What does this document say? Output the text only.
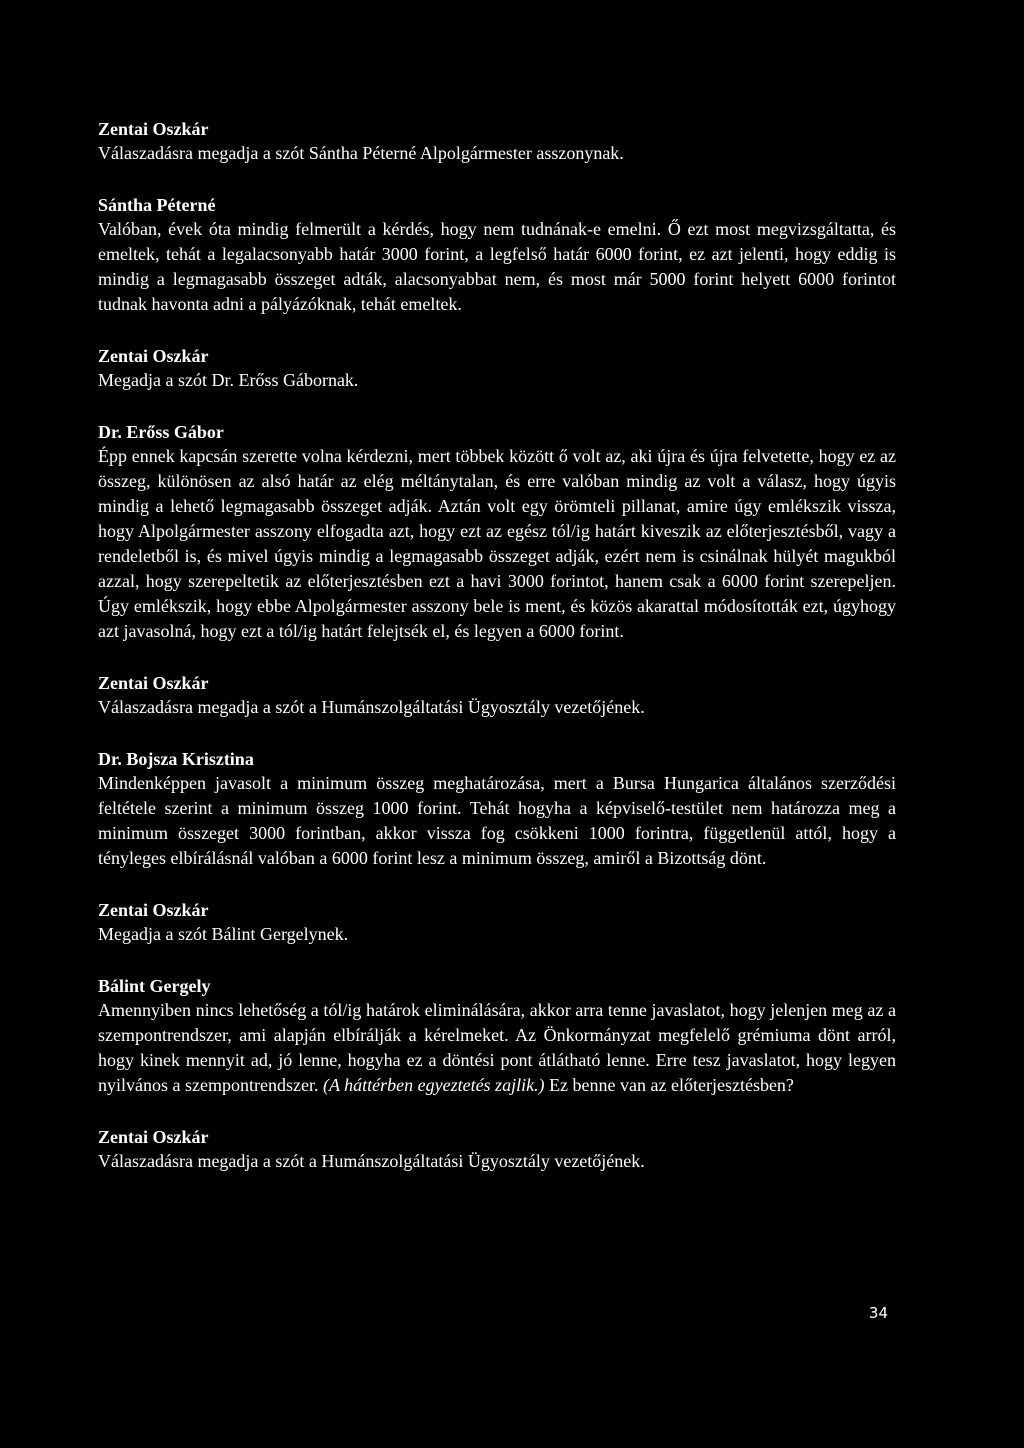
Zentai Oszkár

Válaszadásra megadja a szót Sántha Péterné Alpolgármester asszonynak.

Sántha Péterné

Valóban, évek óta mindig felmerült a kérdés, hogy nem tudnának-e emelni. Ő ezt most megvizsgáltatta, és emeltek, tehát a legalacsonyabb határ 3000 forint, a legfelső határ 6000 forint, ez azt jelenti, hogy eddig is mindig a legmagasabb összeget adták, alacsonyabbat nem, és most már 5000 forint helyett 6000 forintot tudnak havonta adni a pályázóknak, tehát emeltek.

Zentai Oszkár

Megadja a szót Dr. Erőss Gábornak.

Dr. Erőss Gábor

Épp ennek kapcsán szerette volna kérdezni, mert többek között ő volt az, aki újra és újra felvetette, hogy ez az összeg, különösen az alsó határ az elég méltánytalan, és erre valóban mindig az volt a válasz, hogy úgyis mindig a lehető legmagasabb összeget adják. Aztán volt egy örömteli pillanat, amire úgy emlékszik vissza, hogy Alpolgármester asszony elfogadta azt, hogy ezt az egész tól/ig határt kiveszik az előterjesztésből, vagy a rendeletből is, és mivel úgyis mindig a legmagasabb összeget adják, ezért nem is csinálnak hülyét magukból azzal, hogy szerepeltetik az előterjesztésben ezt a havi 3000 forintot, hanem csak a 6000 forint szerepeljen. Úgy emlékszik, hogy ebbe Alpolgármester asszony bele is ment, és közös akarattal módosították ezt, úgyhogy azt javasolná, hogy ezt a tól/ig határt felejtsék el, és legyen a 6000 forint.

Zentai Oszkár

Válaszadásra megadja a szót a Humánszolgáltatási Ügyosztály vezetőjének.

Dr. Bojsza Krisztina

Mindenképpen javasolt a minimum összeg meghatározása, mert a Bursa Hungarica általános szerződési feltétele szerint a minimum összeg 1000 forint. Tehát hogyha a képviselő-testület nem határozza meg a minimum összeget 3000 forintban, akkor vissza fog csökkeni 1000 forintra, függetlenül attól, hogy a tényleges elbírálásnál valóban a 6000 forint lesz a minimum összeg, amiről a Bizottság dönt.

Zentai Oszkár

Megadja a szót Bálint Gergelynek.

Bálint Gergely

Amennyiben nincs lehetőség a tól/ig határok eliminálására, akkor arra tenne javaslatot, hogy jelenjen meg az a szempontrendszer, ami alapján elbírálják a kérelmeket. Az Önkormányzat megfelelő grémiuma dönt arról, hogy kinek mennyit ad, jó lenne, hogyha ez a döntési pont átlátható lenne. Erre tesz javaslatot, hogy legyen nyilvános a szempontrendszer. (A háttérben egyeztetés zajlik.) Ez benne van az előterjesztésben?

Zentai Oszkár

Válaszadásra megadja a szót a Humánszolgáltatási Ügyosztály vezetőjének.

34
